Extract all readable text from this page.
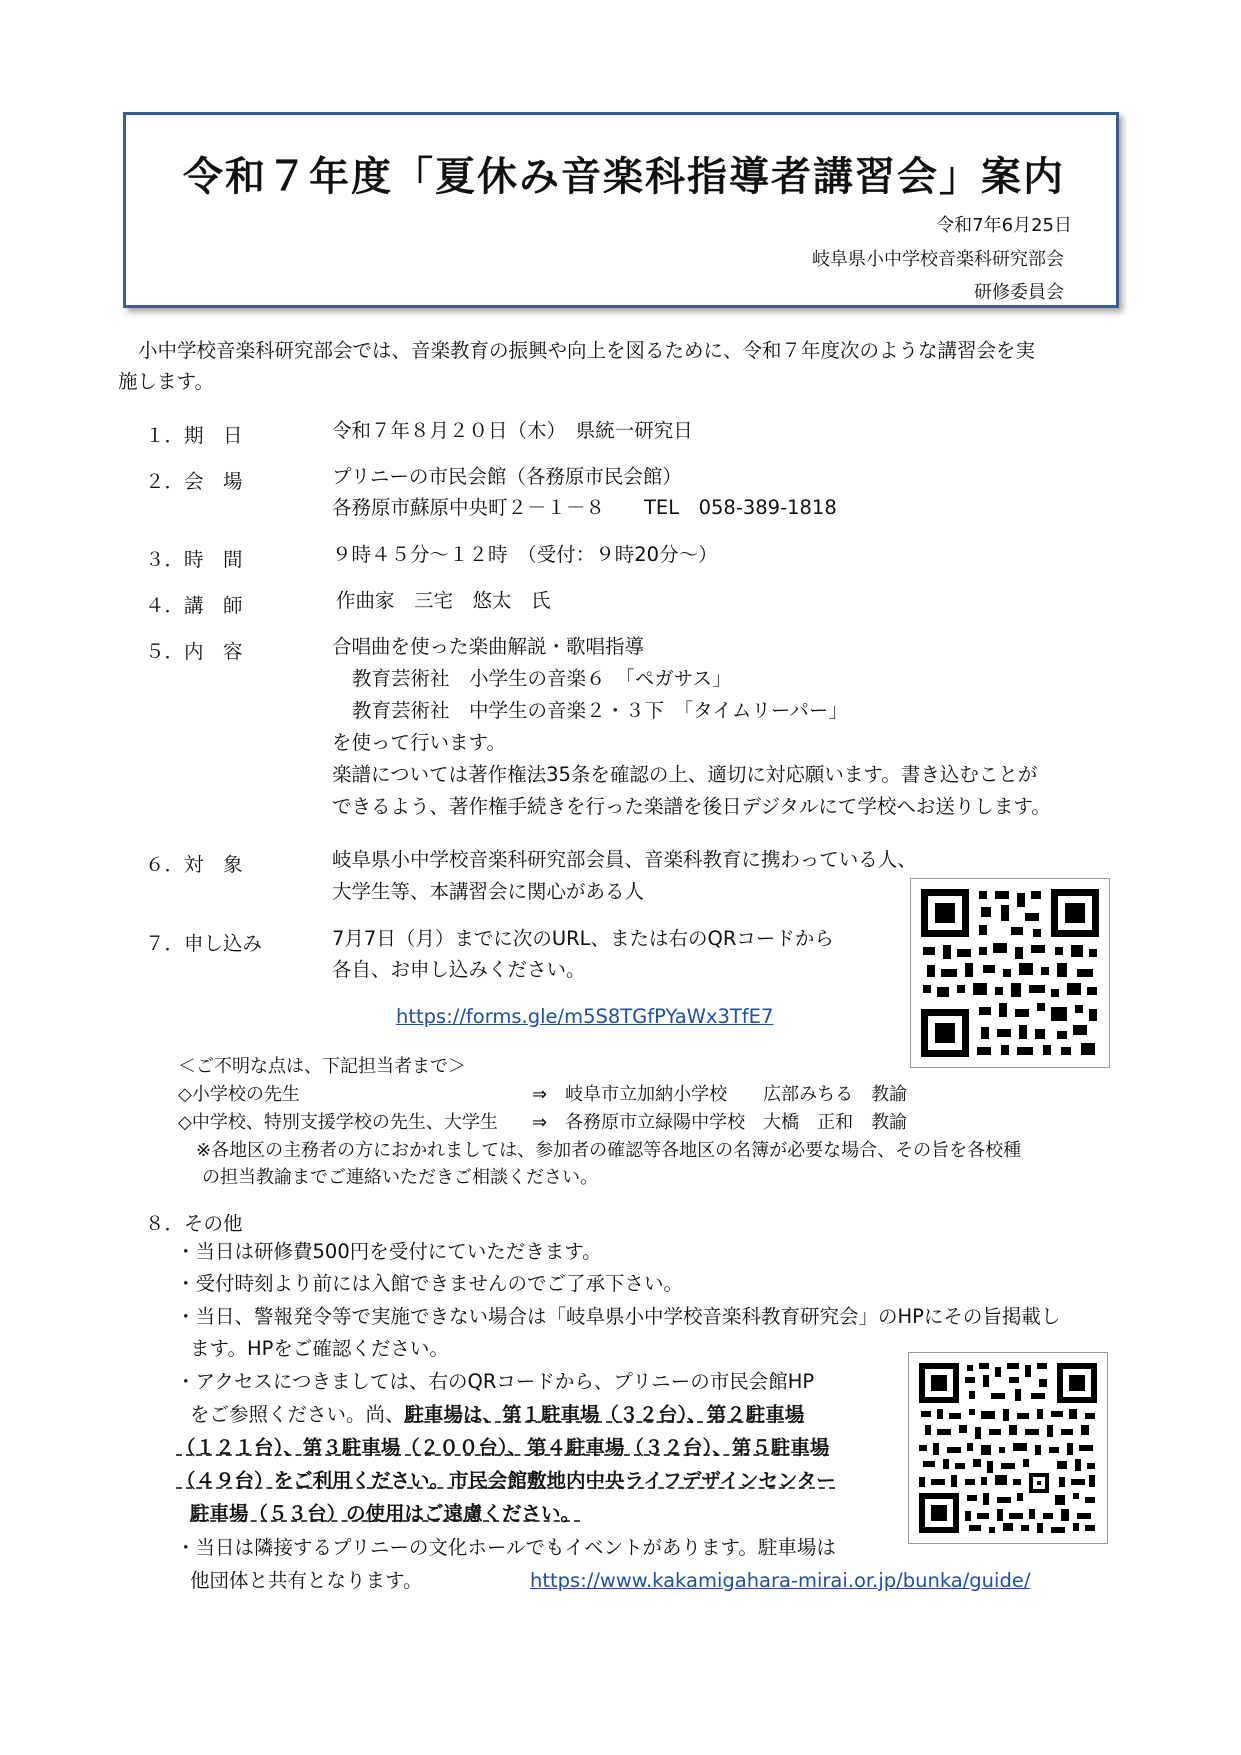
令和７年度「夏休み音楽科指導者講習会」案内
令和7年6月25日
岐阜県小中学校音楽科研究部会
研修委員会
小中学校音楽科研究部会では、音楽教育の振興や向上を図るために、令和７年度次のような講習会を実
施します。
１．期　日	令和７年８月２０日（木）　県統一研究日
２．会　場	プリニーの市民会館（各務原市民会館）
各務原市蘇原中央町２－１－８　　TEL　058-389-1818
３．時　間	９時４５分～１２時　（受付：９時20分～）
４．講　師	作曲家　三宅　悠太　氏
５．内　容	合唱曲を使った楽曲解説・歌唱指導
教育芸術社　小学生の音楽６　「ペガサス」
教育芸術社　中学生の音楽２・３下　「タイムリーパー」
を使って行います。
楽譜については著作権法35条を確認の上、適切に対応願います。書き込むことが
できるよう、著作権手続きを行った楽譜を後日デジタルにて学校へお送りします。
６．対　象	岐阜県小中学校音楽科研究部会員、音楽科教育に携わっている人、
大学生等、本講習会に関心がある人
７．申し込み	7月7日（月）までに次のURL、または右のQRコードから
各自、お申し込みください。
https://forms.gle/m5S8TGfPYaWx3TfE7
＜ご不明な点は、下記担当者まで＞
◇小学校の先生	⇒　岐阜市立加納小学校　　広部みちる　教諭
◇中学校、特別支援学校の先生、大学生 ⇒　各務原市立緑陽中学校　大橋　正和　教諭
※各地区の主務者の方におかれましては、参加者の確認等各地区の名簿が必要な場合、その旨を各校種
の担当教諭までご連絡いただきご相談ください。
８．その他
・当日は研修費500円を受付にていただきます。
・受付時刻より前には入館できませんのでご了承下さい。
・当日、警報発令等で実施できない場合は「岐阜県小中学校音楽科教育研究会」のHPにその旨掲載し
ます。HPをご確認ください。
・アクセスにつきましては、右のQRコードから、プリニーの市民会館HP
をご参照ください。尚、駐車場は、第１駐車場（３２台）、第２駐車場
（１２１台）、第３駐車場（２００台）、第４駐車場（３２台）、第５駐車場
（４９台）をご利用ください。市民会館敷地内中央ライフデザインセンター
駐車場（５３台）の使用はご遠慮ください。
・当日は隣接するプリニーの文化ホールでもイベントがあります。駐車場は
他団体と共有となります。	https://www.kakamigahara-mirai.or.jp/bunka/guide/
